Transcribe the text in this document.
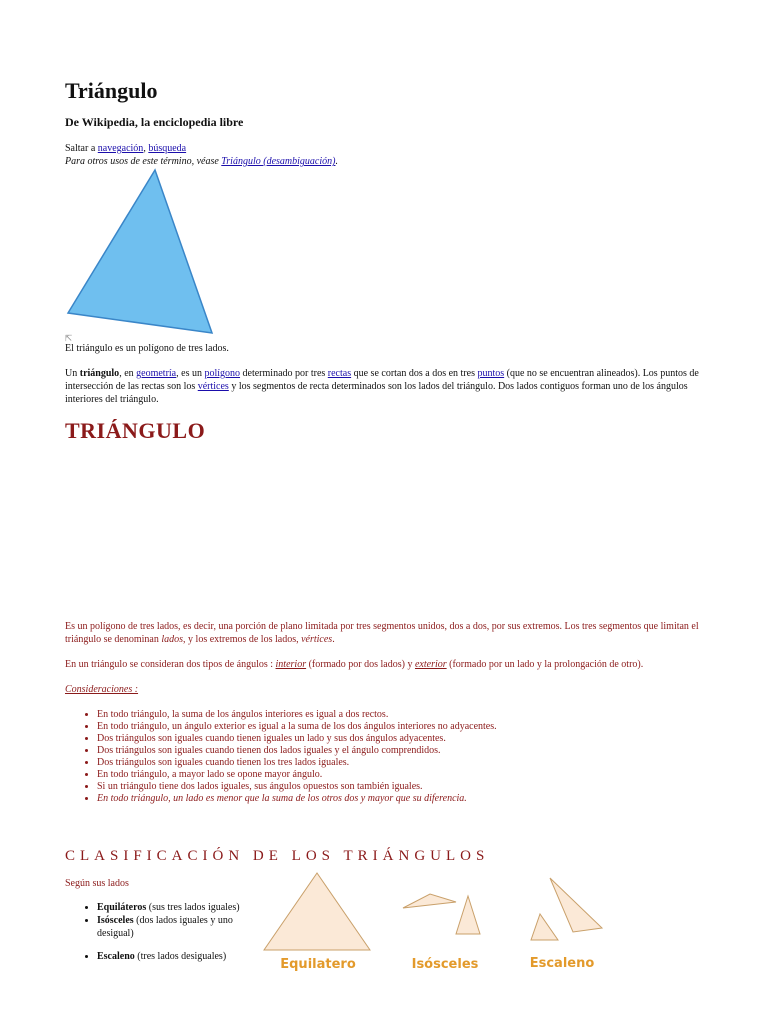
Triángulo
De Wikipedia, la enciclopedia libre
Saltar a navegación, búsqueda
Para otros usos de este término, véase Triángulo (desambiguación).
⇱
El triángulo es un polígono de tres lados.
Un triángulo, en geometría, es un polígono determinado por tres rectas que se cortan dos a dos en tres puntos (que no se encuentran alineados). Los puntos de intersección de las rectas son los vértices y los segmentos de recta determinados son los lados del triángulo. Dos lados contiguos forman uno de los ángulos interiores del triángulo.
TRIÁNGULO
Es un polígono de tres lados, es decir, una porción de plano limitada por tres segmentos unidos, dos a dos, por sus extremos. Los tres segmentos que limitan el triángulo se denominan lados, y los extremos de los lados, vértices.
En un triángulo se consideran dos tipos de ángulos : interior (formado por dos lados) y exterior (formado por un lado y la prolongación de otro).
Consideraciones :
• En todo triángulo, la suma de los ángulos interiores es igual a dos rectos.
• En todo triángulo, un ángulo exterior es igual a la suma de los dos ángulos interiores no adyacentes.
• Dos triángulos son iguales cuando tienen iguales un lado y sus dos ángulos adyacentes.
• Dos triángulos son iguales cuando tienen dos lados iguales y el ángulo comprendidos.
• Dos triángulos son iguales cuando tienen los tres lados iguales.
• En todo triángulo, a mayor lado se opone mayor ángulo.
• Si un triángulo tiene dos lados iguales, sus ángulos opuestos son también iguales.
• En todo triángulo, un lado es menor que la suma de los otros dos y mayor que su diferencia.
CLASIFICACIÓN DE LOS TRIÁNGULOS
Según sus lados
• Equiláteros (sus tres lados iguales)
• Isósceles (dos lados iguales y uno desigual)
• Escaleno (tres lados desiguales)
Equilatero	Isósceles	Escaleno
